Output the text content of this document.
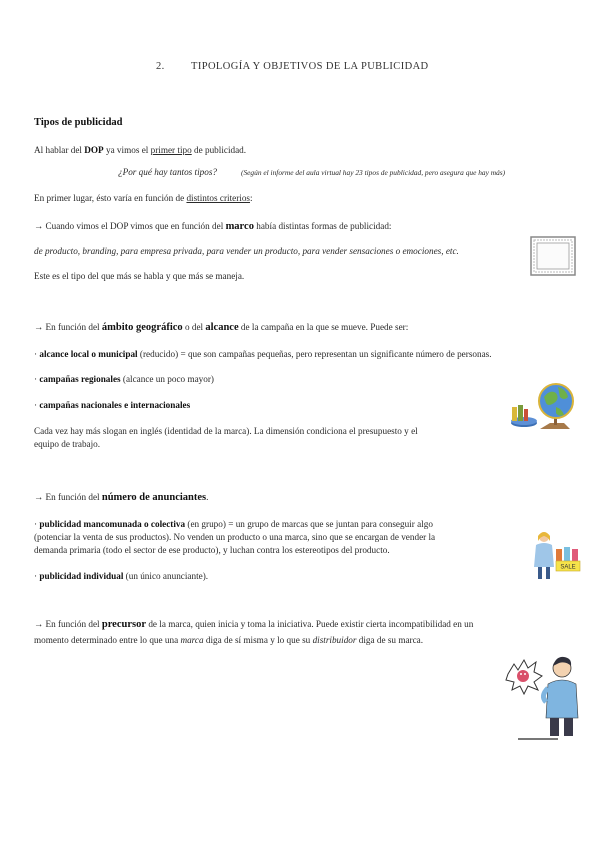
2.	TIPOLOGÍA Y OBJETIVOS DE LA PUBLICIDAD
Tipos de publicidad
Al hablar del DOP ya vimos el primer tipo de publicidad.
¿Por qué hay tantos tipos?	(Según el informe del aula virtual hay 23 tipos de publicidad, pero asegura que hay más)
En primer lugar, ésto varía en función de distintos criterios:
→ Cuando vimos el DOP vimos que en función del marco había distintas formas de publicidad:
de producto, branding, para empresa privada, para vender un producto, para vender sensaciones o emociones, etc.
Este es el tipo del que más se habla y que más se maneja.
→ En función del ámbito geográfico o del alcance de la campaña en la que se mueve. Puede ser:
· alcance local o municipal (reducido) = que son campañas pequeñas, pero representan un significante número de personas.
· campañas regionales (alcance un poco mayor)
· campañas nacionales e internacionales
Cada vez hay más slogan en inglés (identidad de la marca). La dimensión condiciona el presupuesto y el
equipo de trabajo.
→ En función del número de anunciantes.
· publicidad mancomunada o colectiva (en grupo) = un grupo de marcas que se juntan para conseguir algo
(potenciar la venta de sus productos). No venden un producto o una marca, sino que se encargan de vender la
demanda primaria (todo el sector de ese producto), y luchan contra los estereotipos del producto.
· publicidad individual (un único anunciante).
SALE
→ En función del precursor de la marca, quien inicia y toma la iniciativa. Puede existir cierta incompatibilidad en un
momento determinado entre lo que una marca diga de sí misma y lo que su distribuidor diga de su marca.
